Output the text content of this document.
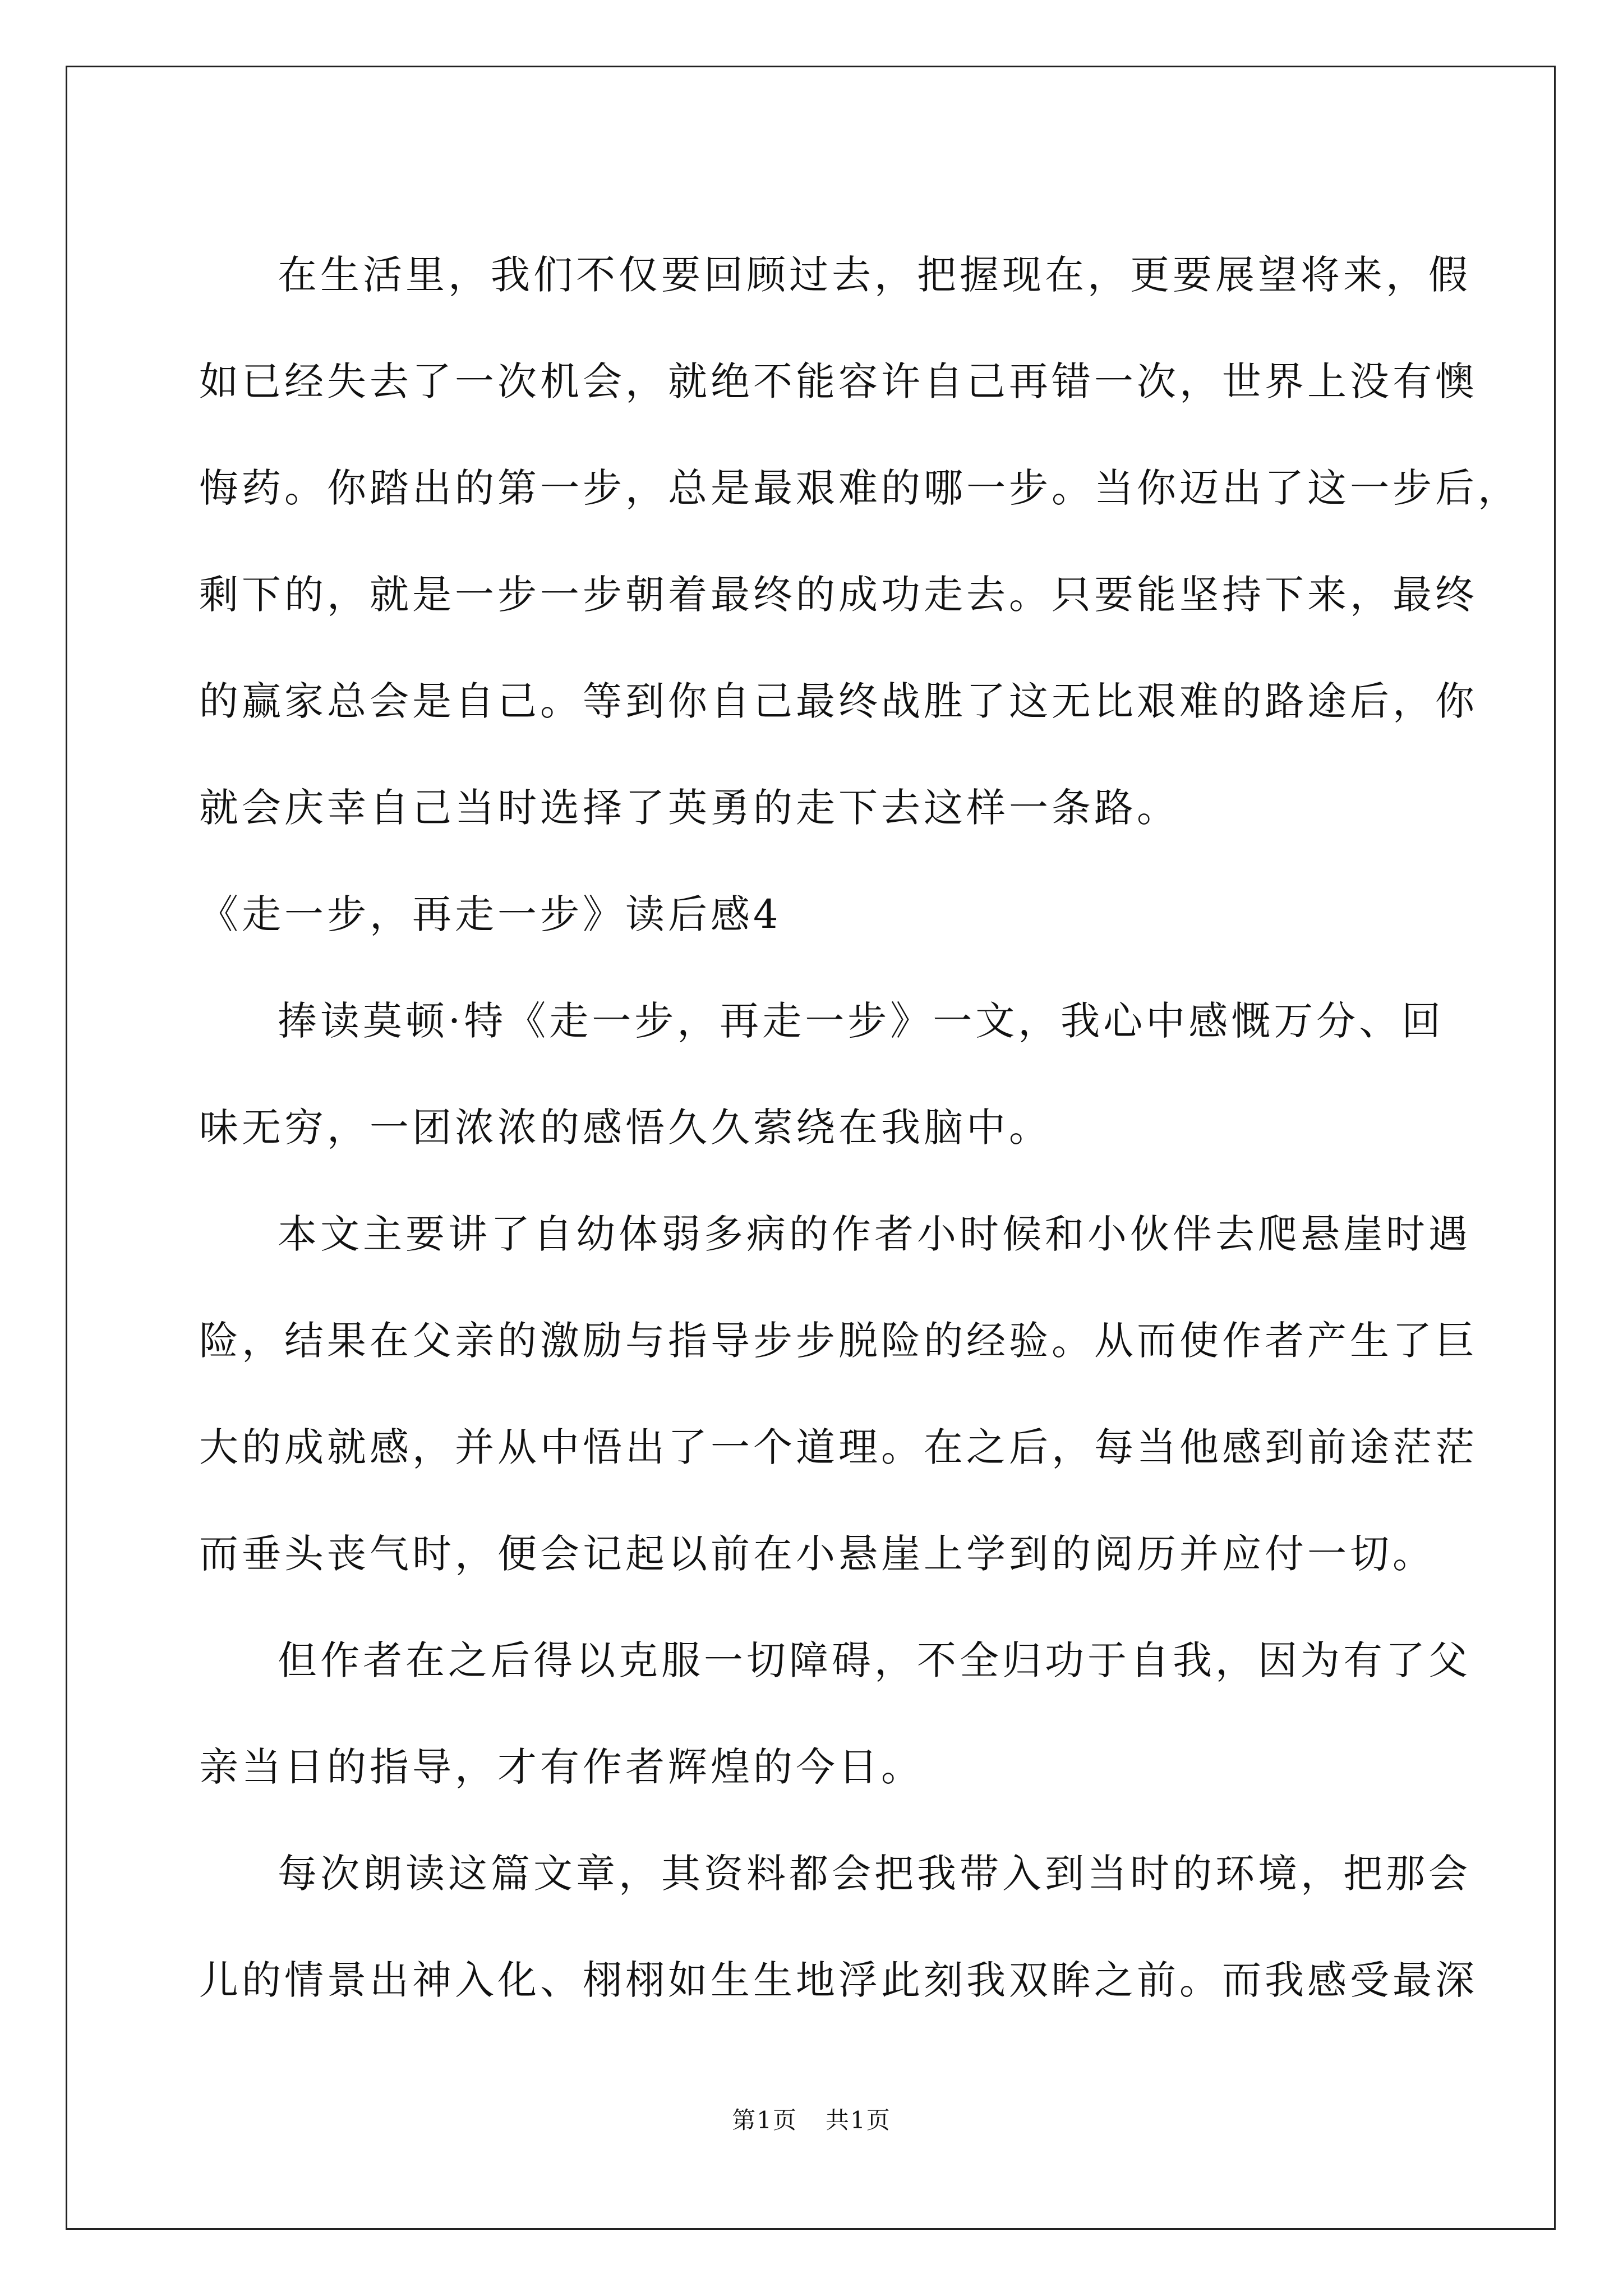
在生活里，我们不仅要回顾过去，把握现在，更要展望将来，假
如已经失去了一次机会，就绝不能容许自己再错一次，世界上没有懊
悔药。你踏出的第一步，总是最艰难的哪一步。当你迈出了这一步后，
剩下的，就是一步一步朝着最终的成功走去。只要能坚持下来，最终
的赢家总会是自己。等到你自己最终战胜了这无比艰难的路途后，你
就会庆幸自己当时选择了英勇的走下去这样一条路。
《走一步，再走一步》读后感4
捧读莫顿·特《走一步，再走一步》一文，我心中感慨万分、回
味无穷，一团浓浓的感悟久久萦绕在我脑中。
本文主要讲了自幼体弱多病的作者小时候和小伙伴去爬悬崖时遇
险，结果在父亲的激励与指导步步脱险的经验。从而使作者产生了巨
大的成就感，并从中悟出了一个道理。在之后，每当他感到前途茫茫
而垂头丧气时，便会记起以前在小悬崖上学到的阅历并应付一切。
但作者在之后得以克服一切障碍，不全归功于自我，因为有了父
亲当日的指导，才有作者辉煌的今日。
每次朗读这篇文章，其资料都会把我带入到当时的环境，把那会
儿的情景出神入化、栩栩如生生地浮此刻我双眸之前。而我感受最深
第1页 共1页
